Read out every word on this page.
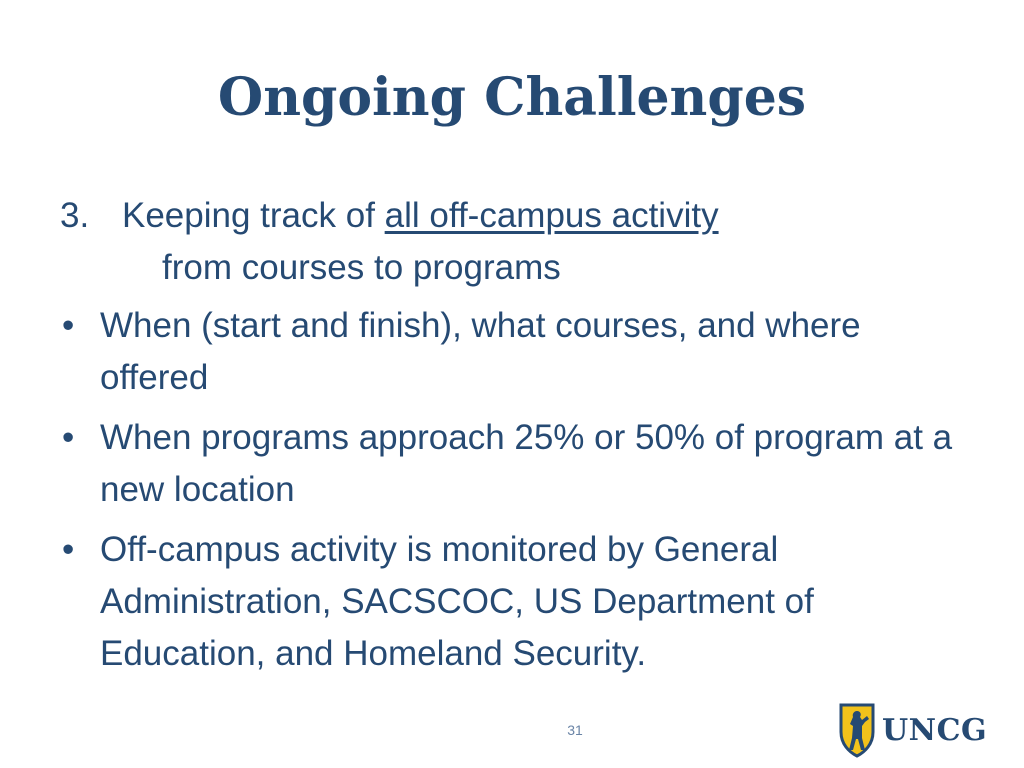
Ongoing Challenges
3. Keeping track of all off-campus activity
from courses to programs
• When (start and finish), what courses, and where offered
• When programs approach 25% or 50% of program at a new location
• Off-campus activity is monitored by General Administration, SACSCOC, US Department of Education, and Homeland Security.
31	UNCG
